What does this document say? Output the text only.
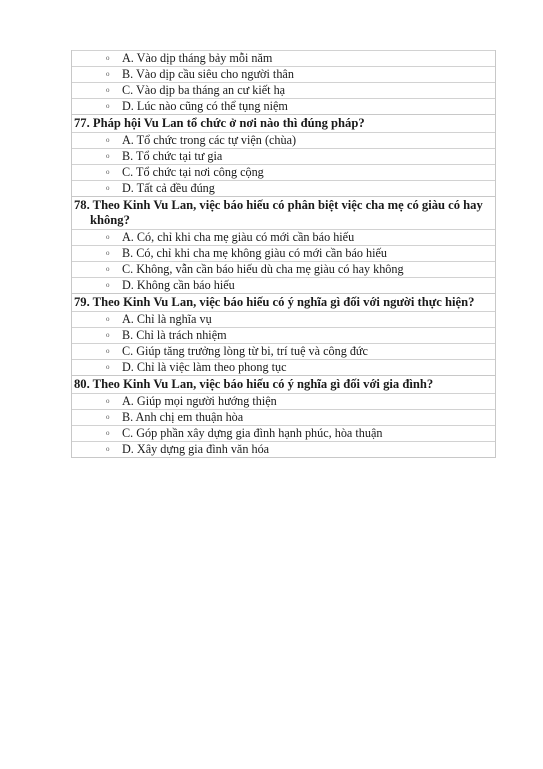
o A. Vào dịp tháng bảy mỗi năm
o B. Vào dịp cầu siêu cho người thân
o C. Vào dịp ba tháng an cư kiết hạ
o D. Lúc nào cũng có thể tụng niệm
77. Pháp hội Vu Lan tổ chức ở nơi nào thì đúng pháp?
o A. Tổ chức trong các tự viện (chùa)
o B. Tổ chức tại tư gia
o C. Tổ chức tại nơi công cộng
o D. Tất cả đều đúng
78. Theo Kinh Vu Lan, việc báo hiếu có phân biệt việc cha mẹ có giàu có hay
không?
o A. Có, chỉ khi cha mẹ giàu có mới cần báo hiếu
o B. Có, chỉ khi cha mẹ không giàu có mới cần báo hiếu
o C. Không, vẫn cần báo hiếu dù cha mẹ giàu có hay không
o D. Không cần báo hiếu
79. Theo Kinh Vu Lan, việc báo hiếu có ý nghĩa gì đối với người thực hiện?
o A. Chỉ là nghĩa vụ
o B. Chỉ là trách nhiệm
o C. Giúp tăng trưởng lòng từ bi, trí tuệ và công đức
o D. Chỉ là việc làm theo phong tục
80. Theo Kinh Vu Lan, việc báo hiếu có ý nghĩa gì đối với gia đình?
o A. Giúp mọi người hướng thiện
o B. Anh chị em thuận hòa
o C. Góp phần xây dựng gia đình hạnh phúc, hòa thuận
o D. Xây dựng gia đình văn hóa
